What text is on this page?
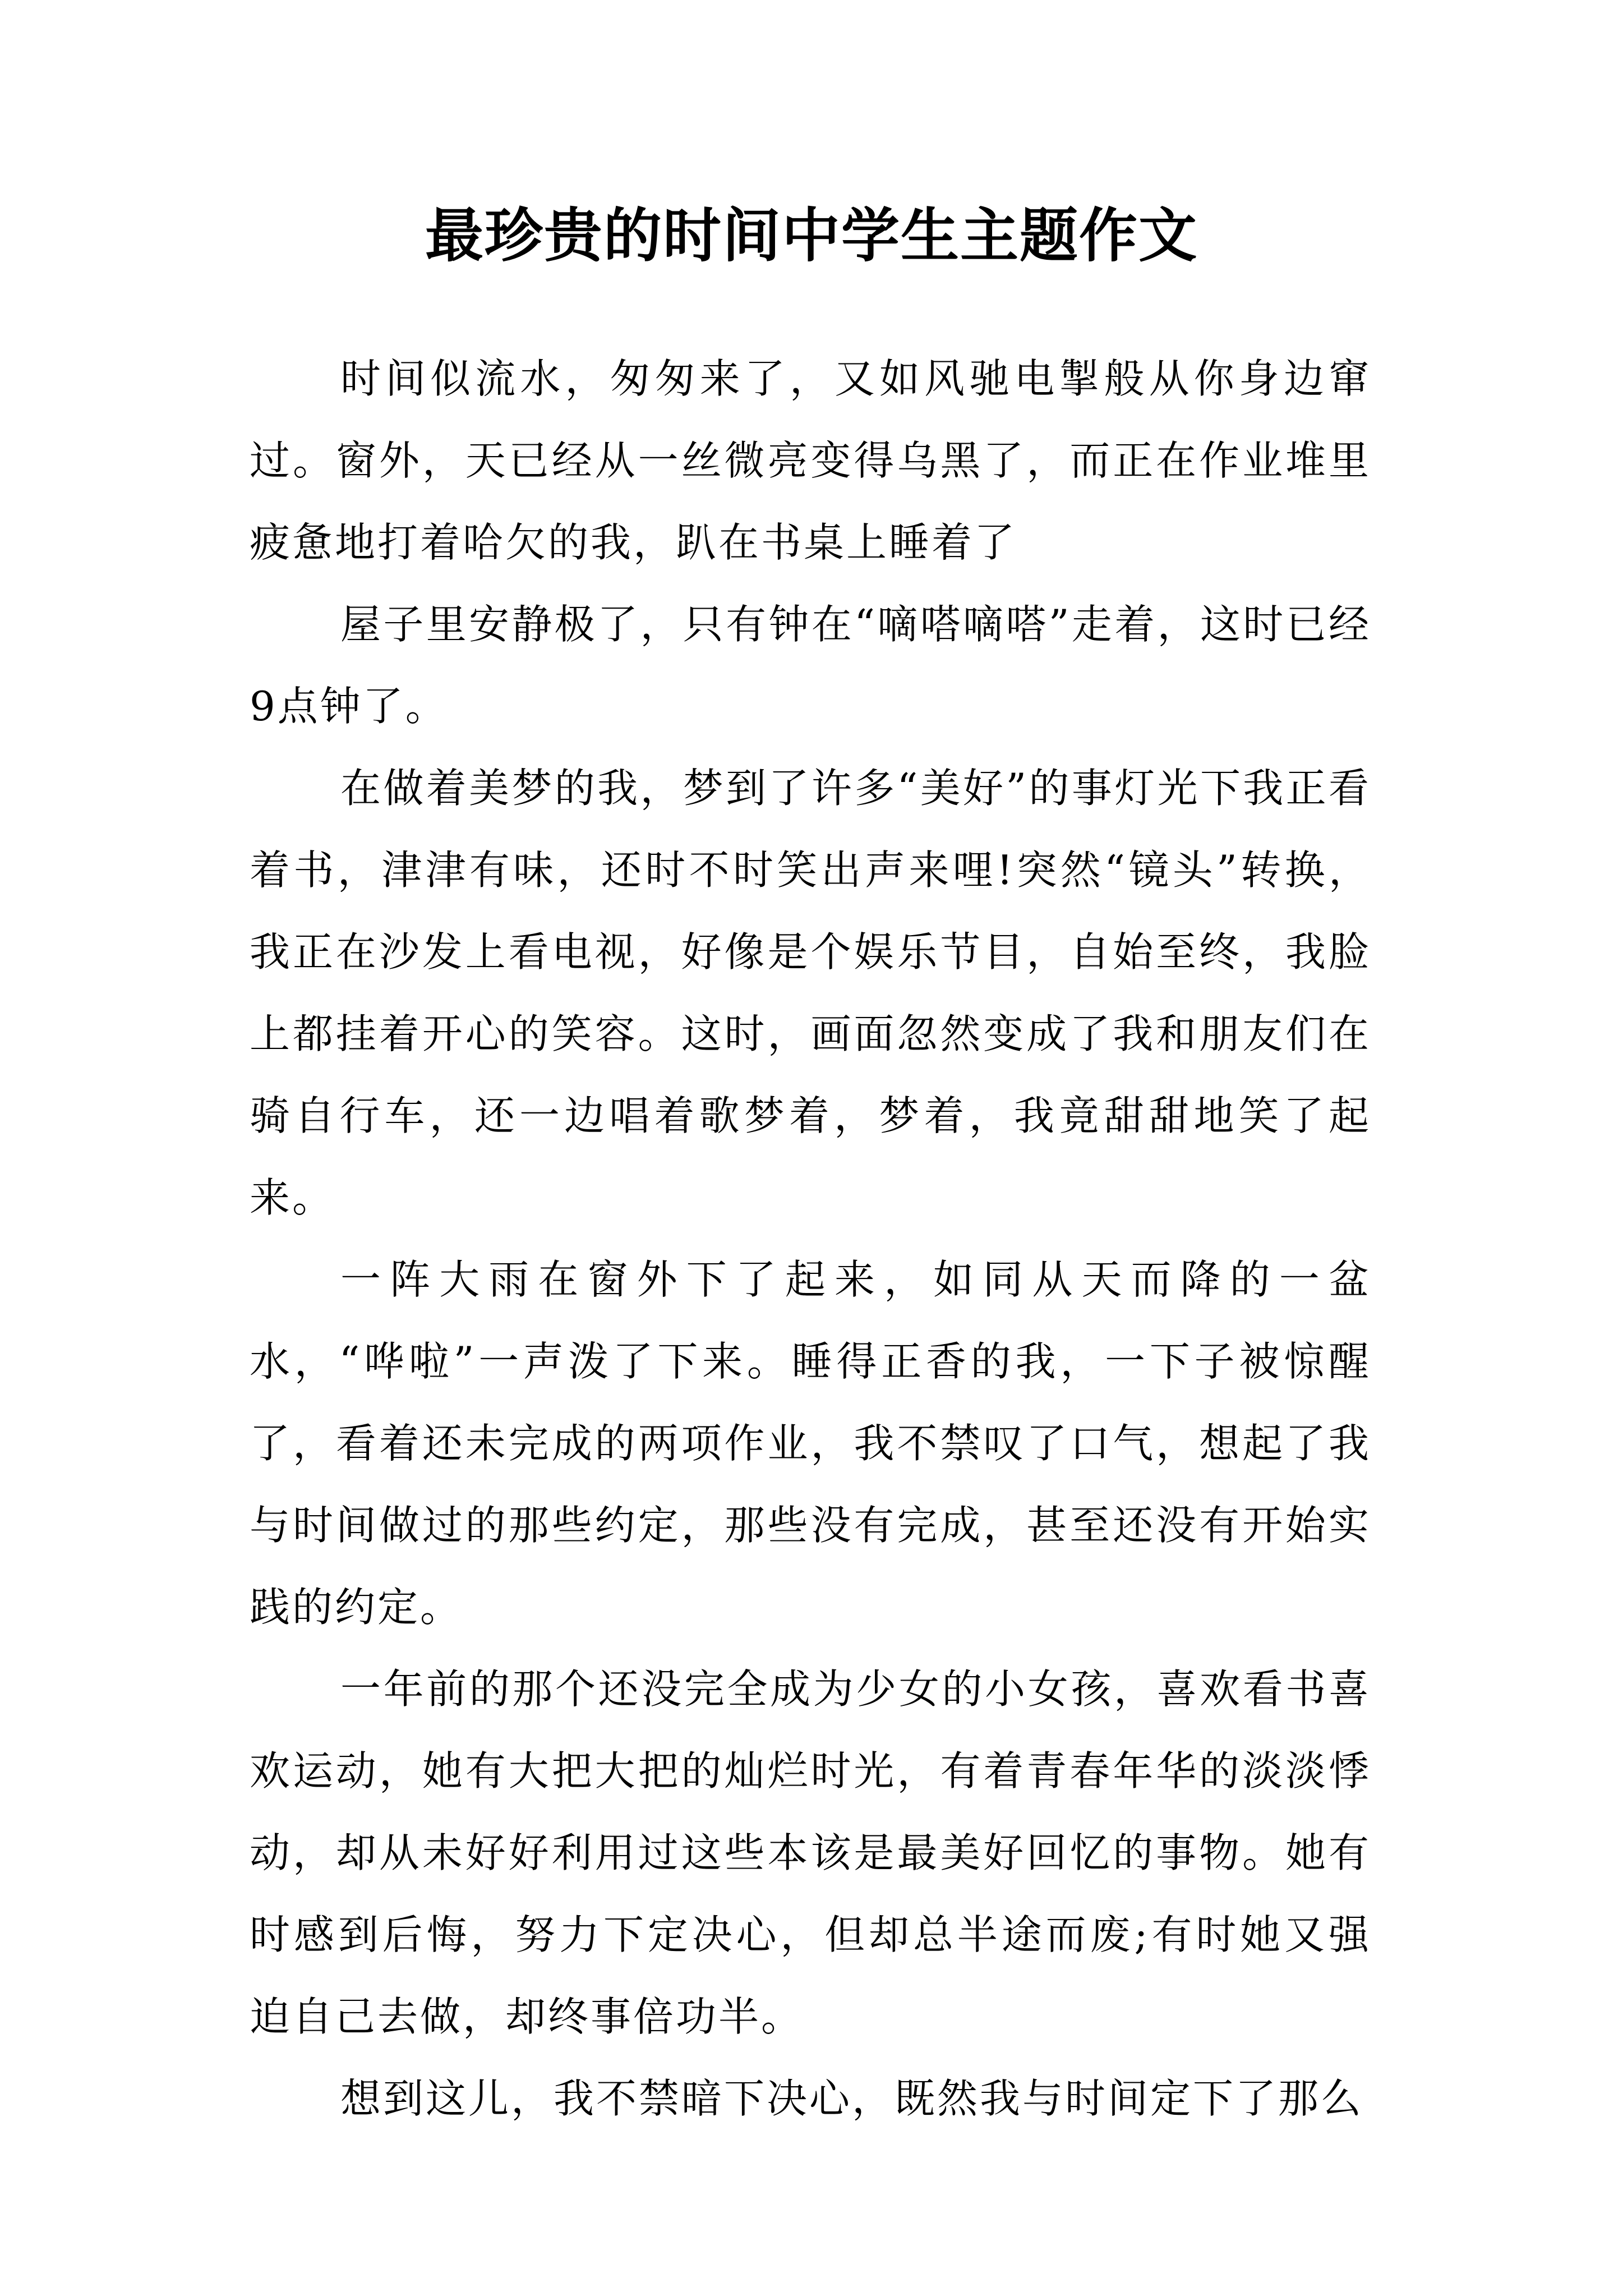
最珍贵的时间中学生主题作文

时间似流水，匆匆来了，又如风驰电掣般从你身边窜过。窗外，天已经从一丝微亮变得乌黑了，而正在作业堆里疲惫地打着哈欠的我，趴在书桌上睡着了

屋子里安静极了，只有钟在“嘀嗒嘀嗒”走着，这时已经9点钟了。

在做着美梦的我，梦到了许多“美好”的事灯光下我正看着书，津津有味，还时不时笑出声来哩!突然“镜头”转换，我正在沙发上看电视，好像是个娱乐节目，自始至终，我脸上都挂着开心的笑容。这时，画面忽然变成了我和朋友们在骑自行车，还一边唱着歌梦着，梦着，我竟甜甜地笑了起来。

一阵大雨在窗外下了起来，如同从天而降的一盆水，“哗啦”一声泼了下来。睡得正香的我，一下子被惊醒了，看着还未完成的两项作业，我不禁叹了口气，想起了我与时间做过的那些约定，那些没有完成，甚至还没有开始实践的约定。

一年前的那个还没完全成为少女的小女孩，喜欢看书喜欢运动，她有大把大把的灿烂时光，有着青春年华的淡淡悸动，却从未好好利用过这些本该是最美好回忆的事物。她有时感到后悔，努力下定决心，但却总半途而废;有时她又强迫自己去做，却终事倍功半。

想到这儿，我不禁暗下决心，既然我与时间定下了那么
